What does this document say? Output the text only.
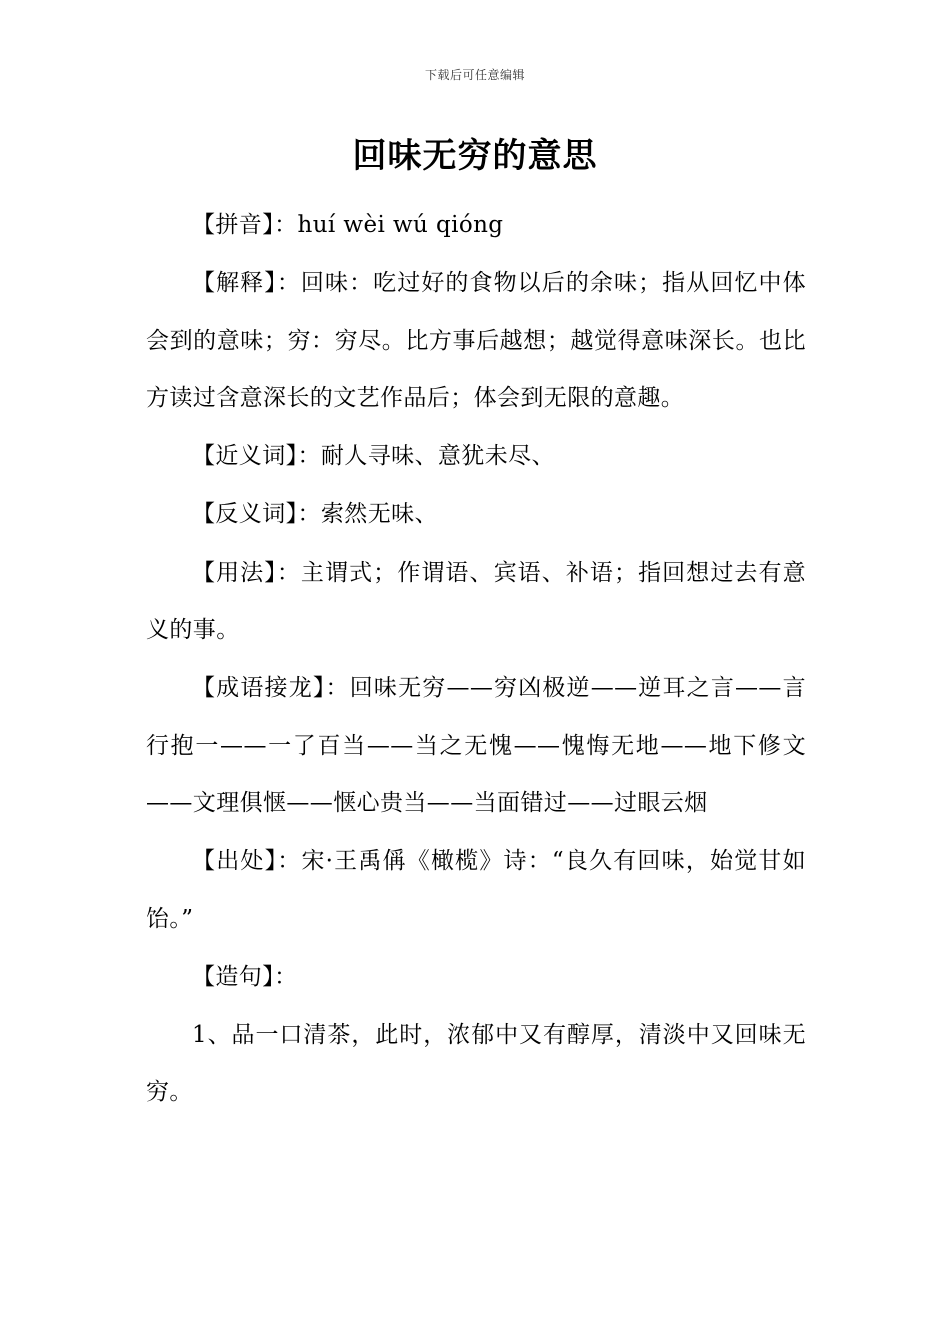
下载后可任意编辑
回味无穷的意思

【拼音】：huí wèi wú qióng

【解释】：回味：吃过好的食物以后的余味；指从回忆中体会到的意味；穷：穷尽。比方事后越想；越觉得意味深长。也比方读过含意深长的文艺作品后；体会到无限的意趣。

【近义词】：耐人寻味、意犹未尽、

【反义词】：索然无味、

【用法】：主谓式；作谓语、宾语、补语；指回想过去有意义的事。

【成语接龙】：回味无穷——穷凶极逆——逆耳之言——言行抱一——一了百当——当之无愧——愧悔无地——地下修文——文理俱惬——惬心贵当——当面错过——过眼云烟

【出处】：宋·王禹偁《橄榄》诗：“良久有回味，始觉甘如饴。”

【造句】：

1、品一口清茶，此时，浓郁中又有醇厚，清淡中又回味无穷。
